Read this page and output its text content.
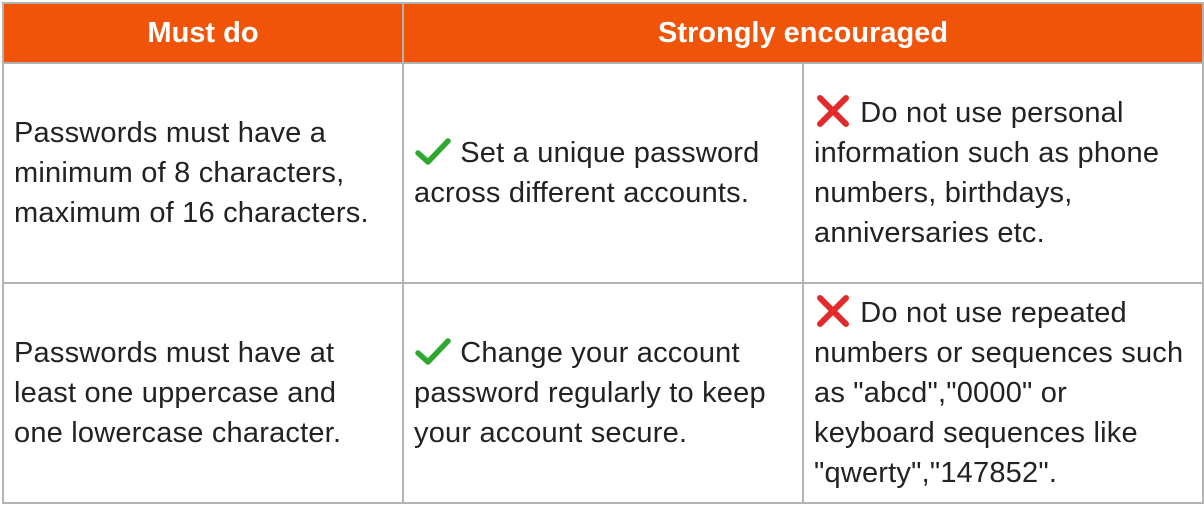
Must do	Strongly encouraged	
Passwords must have a minimum of 8 characters, maximum of 16 characters.	Set a unique password across different accounts.	Do not use personal information such as phone numbers, birthdays, anniversaries etc.
Passwords must have at least one uppercase and one lowercase character.	Change your account password regularly to keep your account secure.	Do not use repeated numbers or sequences such as "abcd","0000" or keyboard sequences like "qwerty","147852".
